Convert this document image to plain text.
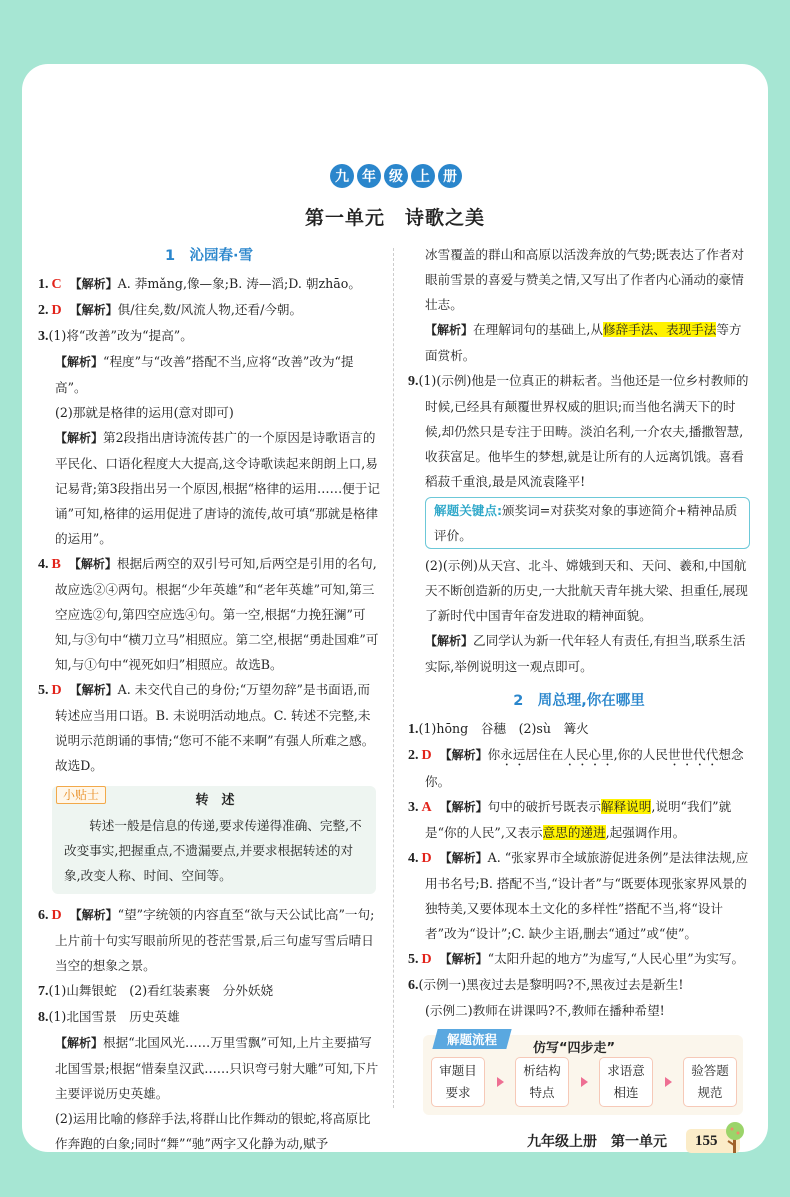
九 年 级 上 册
第一单元　诗歌之美
1　沁园春·雪
1. C 【解析】A. 莽mǎng,像—象;B. 涛—滔;D. 朝zhāo。
2. D 【解析】俱/往矣,数/风流人物,还看/今朝。
3.(1)将“改善”改为“提高”。
【解析】“程度”与“改善”搭配不当,应将“改善”改为“提高”。
(2)那就是格律的运用(意对即可)
【解析】第2段指出唐诗流传甚广的一个原因是诗歌语言的平民化、口语化程度大大提高,这令诗歌读起来朗朗上口,易记易背;第3段指出另一个原因,根据“格律的运用……便于记诵”可知,格律的运用促进了唐诗的流传,故可填“那就是格律的运用”。
4. B 【解析】根据后两空的双引号可知,后两空是引用的名句,故应选②④两句。根据“少年英雄”和“老年英雄”可知,第三空应选②句,第四空应选④句。第一空,根据“力挽狂澜”可知,与③句中“横刀立马”相照应。第二空,根据“勇赴国难”可知,与①句中“视死如归”相照应。故选B。
5. D 【解析】A. 未交代自己的身份;“万望勿辞”是书面语,而转述应当用口语。B. 未说明活动地点。C. 转述不完整,未说明示范朗诵的事情;“您可不能不来啊”有强人所难之感。故选D。
小贴士	转　述
转述一般是信息的传递,要求传递得准确、完整,不改变事实,把握重点,不遗漏要点,并要求根据转述的对象,改变人称、时间、空间等。
6. D 【解析】“望”字统领的内容直至“欲与天公试比高”一句;上片前十句实写眼前所见的苍茫雪景,后三句虚写雪后晴日当空的想象之景。
7.(1)山舞银蛇　(2)看红装素裹　分外妖娆
8.(1)北国雪景　历史英雄
【解析】根据“北国风光……万里雪飘”可知,上片主要描写北国雪景;根据“惜秦皇汉武……只识弯弓射大雕”可知,下片主要评说历史英雄。
(2)运用比喻的修辞手法,将群山比作舞动的银蛇,将高原比作奔跑的白象;同时“舞”“驰”两字又化静为动,赋予
冰雪覆盖的群山和高原以活泼奔放的气势;既表达了作者对眼前雪景的喜爱与赞美之情,又写出了作者内心涌动的豪情壮志。
【解析】在理解词句的基础上,从修辞手法、表现手法等方面赏析。
9.(1)(示例)他是一位真正的耕耘者。当他还是一位乡村教师的时候,已经具有颠覆世界权威的胆识;而当他名满天下的时候,却仍然只是专注于田畴。淡泊名利,一介农夫,播撒智慧,收获富足。他毕生的梦想,就是让所有的人远离饥饿。喜看稻菽千重浪,最是风流袁隆平!
解题关键点:颁奖词=对获奖对象的事迹简介+精神品质评价。
(2)(示例)从天宫、北斗、嫦娥到天和、天问、羲和,中国航天不断创造新的历史,一大批航天青年挑大梁、担重任,展现了新时代中国青年奋发进取的精神面貌。
【解析】乙同学认为新一代年轻人有责任,有担当,联系生活实际,举例说明这一观点即可。
2　周总理,你在哪里
1.(1)hōng　谷穗　(2)sù　篝火
2. D 【解析】你永远居住在人民心里,你的人民世世代代想念你。
3. A 【解析】句中的破折号既表示解释说明,说明“我们”就是“你的人民”,又表示意思的递进,起强调作用。
4. D 【解析】A. “张家界市全域旅游促进条例”是法律法规,应用书名号;B. 搭配不当,“设计者”与“既要体现张家界风景的独特美,又要体现本土文化的多样性”搭配不当,将“设计者”改为“设计”;C. 缺少主语,删去“通过”或“使”。
5. D 【解析】“太阳升起的地方”为虚写,“人民心里”为实写。
6.(示例一)黑夜过去是黎明吗?不,黑夜过去是新生!
(示例二)教师在讲课吗?不,教师在播种希望!
解题流程
仿写“四步走”
审题目
要求
析结构
特点
求语意
相连
验答题
规范
九年级上册　第一单元	155
